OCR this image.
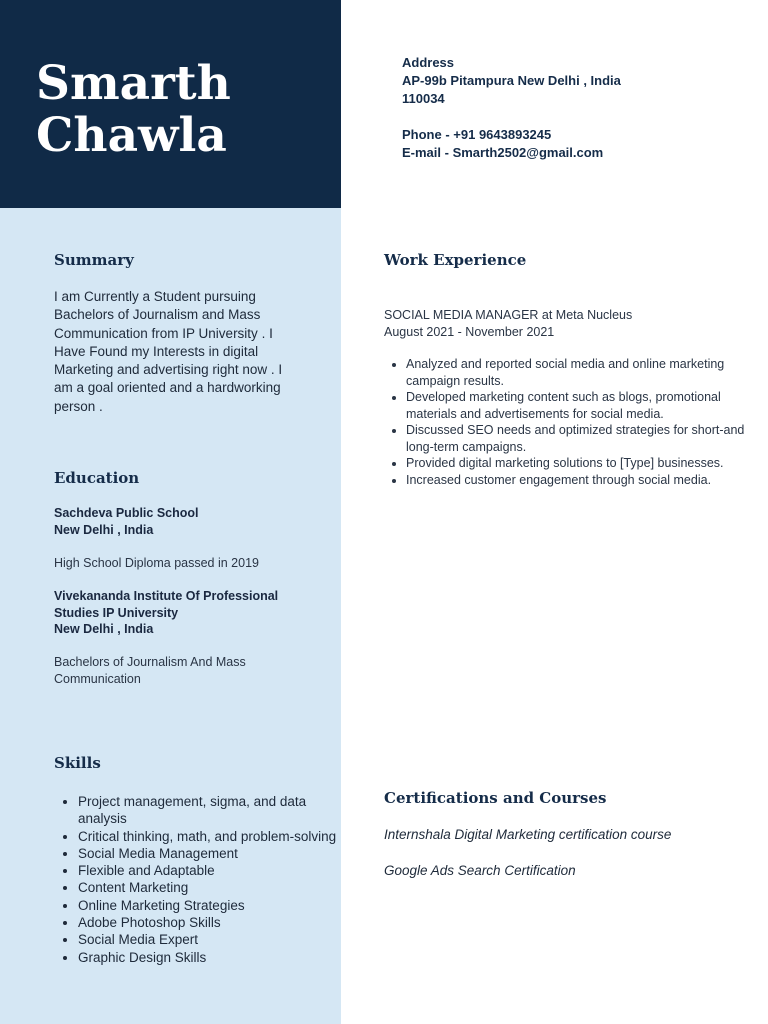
Smarth
Chawla
Address
AP-99b Pitampura New Delhi , India
110034
Phone - +91 9643893245
E-mail - Smarth2502@gmail.com
Summary
I am Currently a Student pursuing Bachelors of Journalism and Mass Communication from IP University . I Have Found my Interests in digital Marketing and advertising right now . I am a goal oriented and a hardworking person .
Education
Sachdeva Public School
New Delhi , India
High School Diploma passed in 2019
Vivekananda Institute Of Professional
Studies IP University
New Delhi , India
Bachelors of Journalism And Mass Communication
Skills
• Project management, sigma, and data analysis
• Critical thinking, math, and problem-solving
• Social Media Management
• Flexible and Adaptable
• Content Marketing
• Online Marketing Strategies
• Adobe Photoshop Skills
• Social Media Expert
• Graphic Design Skills
Work Experience
SOCIAL MEDIA MANAGER at Meta Nucleus
August 2021 - November 2021
• Analyzed and reported social media and online marketing campaign results.
• Developed marketing content such as blogs, promotional materials and advertisements for social media.
• Discussed SEO needs and optimized strategies for short-and long-term campaigns.
• Provided digital marketing solutions to [Type] businesses.
• Increased customer engagement through social media.
Certifications and Courses
Internshala Digital Marketing certification course
Google Ads Search Certification
